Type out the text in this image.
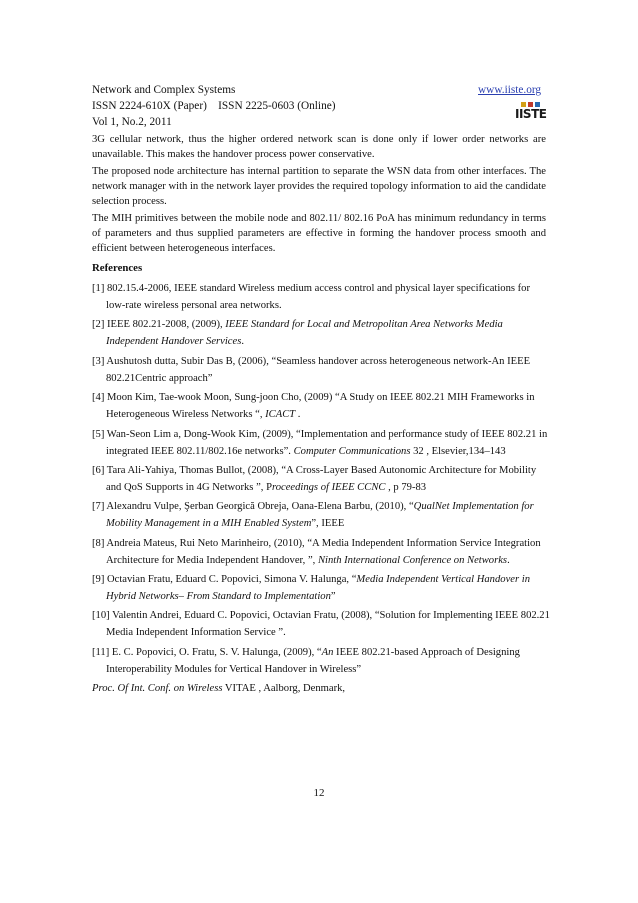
Network and Complex Systems
ISSN 2224-610X (Paper)    ISSN 2225-0603 (Online)
Vol 1, No.2, 2011
www.iiste.org
IISTE

3G cellular network, thus the higher ordered network scan is done only if lower order networks are unavailable. This makes the handover process power conservative.

The proposed node architecture has internal partition to separate the WSN data from other interfaces. The network manager with in the network layer provides the required topology information to aid the candidate selection process.

The MIH primitives between the mobile node and 802.11/ 802.16 PoA has minimum redundancy in terms of parameters and thus supplied parameters are effective in forming the handover process smooth and efficient between heterogeneous interfaces.

References
[1] 802.15.4-2006, IEEE standard Wireless medium access control and physical layer specifications for low-rate wireless personal area networks.
[2] IEEE 802.21-2008, (2009), IEEE Standard for Local and Metropolitan Area Networks Media Independent Handover Services.
[3] Aushutosh dutta, Subir Das B, (2006), “Seamless handover across heterogeneous network-An IEEE 802.21Centric approach”
[4] Moon Kim, Tae-wook Moon, Sung-joon Cho, (2009) “A Study on IEEE 802.21 MIH Frameworks in Heterogeneous Wireless Networks “, ICACT .
[5] Wan-Seon Lim a, Dong-Wook Kim, (2009), “Implementation and performance study of IEEE 802.21 in integrated IEEE 802.11/802.16e networks”. Computer Communications 32 , Elsevier,134–143
[6] Tara Ali-Yahiya, Thomas Bullot, (2008), “A Cross-Layer Based Autonomic Architecture for Mobility and QoS Supports in 4G Networks ”, Proceedings of IEEE CCNC , p 79-83
[7] Alexandru Vulpe, Şerban Georgică Obreja, Oana-Elena Barbu, (2010), “QualNet Implementation for Mobility Management in a MIH Enabled System”, IEEE
[8] Andreia Mateus, Rui Neto Marinheiro, (2010), “A Media Independent Information Service Integration Architecture for Media Independent Handover, ”, Ninth International Conference on Networks.
[9] Octavian Fratu, Eduard C. Popovici, Simona V. Halunga, “Media Independent Vertical Handover in Hybrid Networks– From Standard to Implementation”
[10] Valentin Andrei, Eduard C. Popovici, Octavian Fratu, (2008), “Solution for Implementing IEEE 802.21 Media Independent Information Service ”.
[11] E. C. Popovici, O. Fratu, S. V. Halunga, (2009), “An IEEE 802.21-based Approach of Designing Interoperability Modules for Vertical Handover in Wireless”
Proc. Of Int. Conf. on Wireless VITAE , Aalborg, Denmark,
12
